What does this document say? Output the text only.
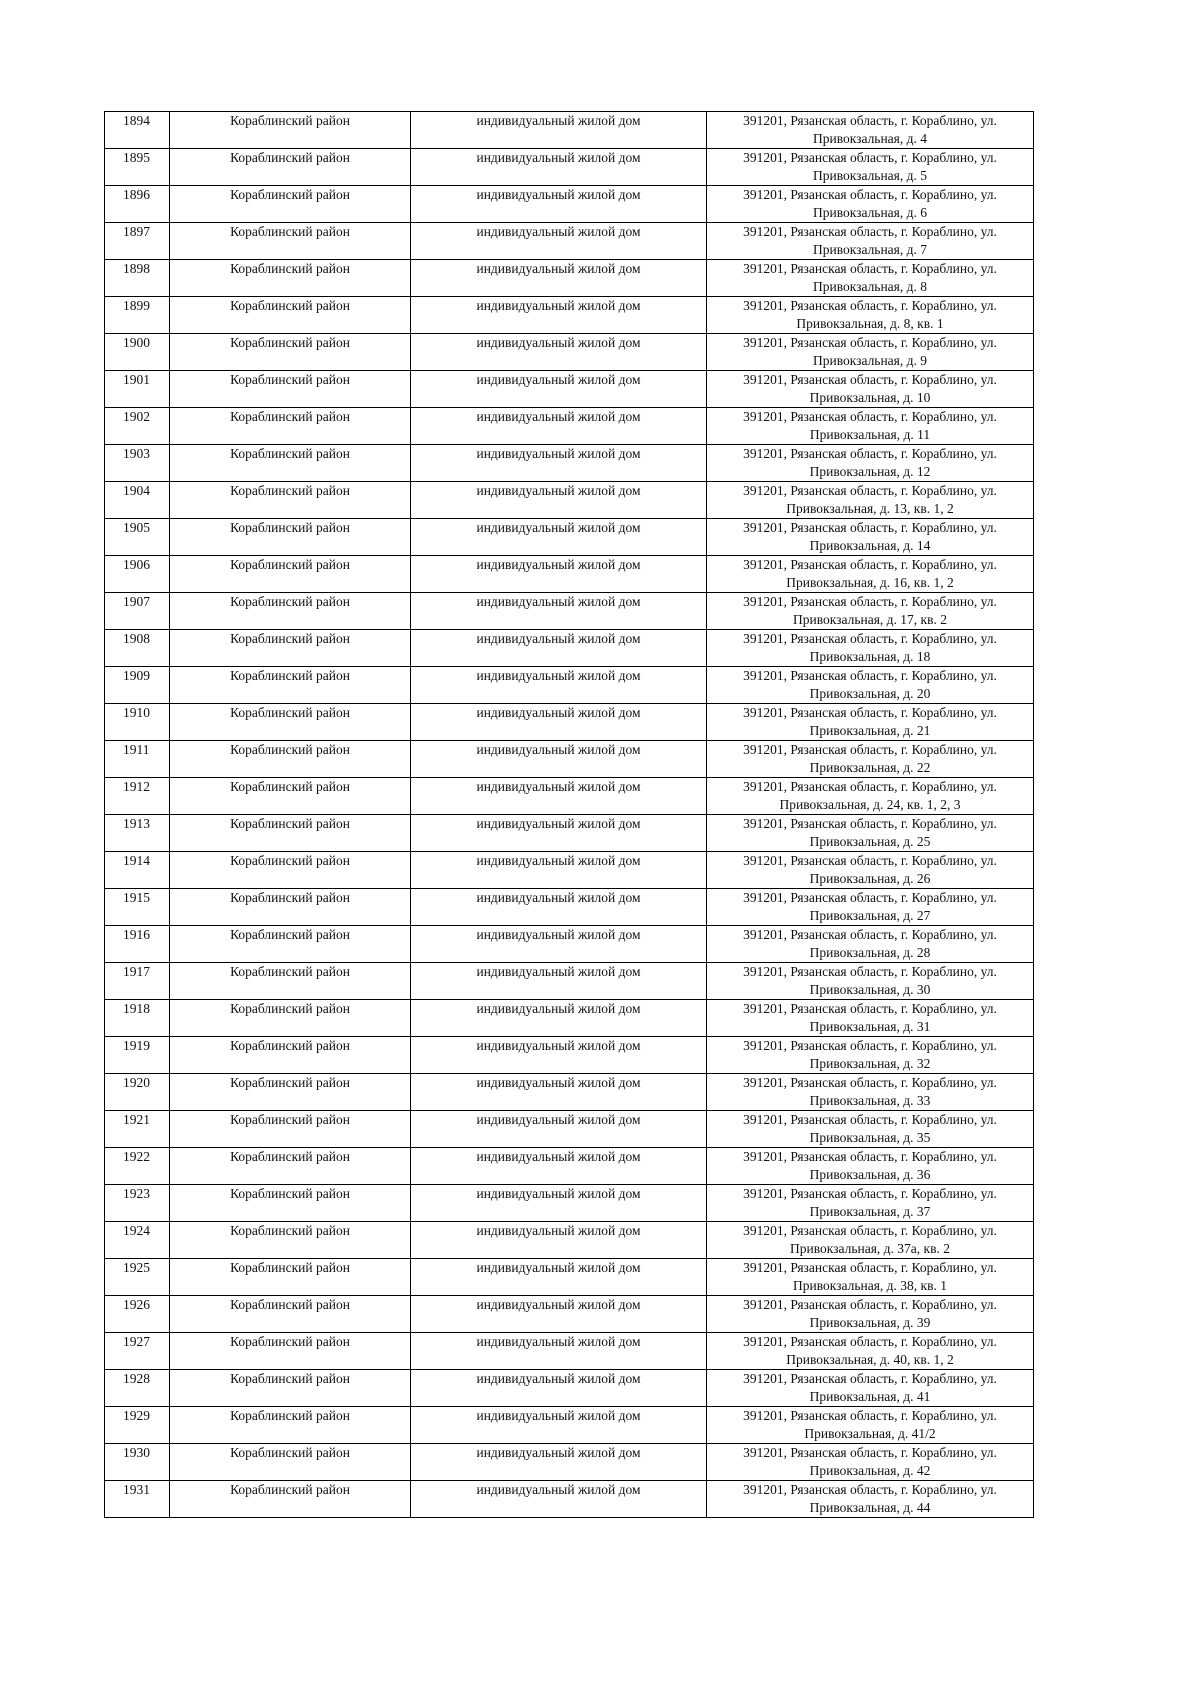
1894	Кораблинский район	индивидуальный жилой дом	391201, Рязанская область, г. Кораблино, ул.
Привокзальная, д. 4

1895	Кораблинский район	индивидуальный жилой дом	391201, Рязанская область, г. Кораблино, ул.
Привокзальная, д. 5

1896	Кораблинский район	индивидуальный жилой дом	391201, Рязанская область, г. Кораблино, ул.
Привокзальная, д. 6

1897	Кораблинский район	индивидуальный жилой дом	391201, Рязанская область, г. Кораблино, ул.
Привокзальная, д. 7

1898	Кораблинский район	индивидуальный жилой дом	391201, Рязанская область, г. Кораблино, ул.
Привокзальная, д. 8

1899	Кораблинский район	индивидуальный жилой дом	391201, Рязанская область, г. Кораблино, ул.
Привокзальная, д. 8, кв. 1

1900	Кораблинский район	индивидуальный жилой дом	391201, Рязанская область, г. Кораблино, ул.
Привокзальная, д. 9

1901	Кораблинский район	индивидуальный жилой дом	391201, Рязанская область, г. Кораблино, ул.
Привокзальная, д. 10

1902	Кораблинский район	индивидуальный жилой дом	391201, Рязанская область, г. Кораблино, ул.
Привокзальная, д. 11

1903	Кораблинский район	индивидуальный жилой дом	391201, Рязанская область, г. Кораблино, ул.
Привокзальная, д. 12

1904	Кораблинский район	индивидуальный жилой дом	391201, Рязанская область, г. Кораблино, ул.
Привокзальная, д. 13, кв. 1, 2

1905	Кораблинский район	индивидуальный жилой дом	391201, Рязанская область, г. Кораблино, ул.
Привокзальная, д. 14

1906	Кораблинский район	индивидуальный жилой дом	391201, Рязанская область, г. Кораблино, ул.
Привокзальная, д. 16, кв. 1, 2

1907	Кораблинский район	индивидуальный жилой дом	391201, Рязанская область, г. Кораблино, ул.
Привокзальная, д. 17, кв. 2

1908	Кораблинский район	индивидуальный жилой дом	391201, Рязанская область, г. Кораблино, ул.
Привокзальная, д. 18

1909	Кораблинский район	индивидуальный жилой дом	391201, Рязанская область, г. Кораблино, ул.
Привокзальная, д. 20

1910	Кораблинский район	индивидуальный жилой дом	391201, Рязанская область, г. Кораблино, ул.
Привокзальная, д. 21

1911	Кораблинский район	индивидуальный жилой дом	391201, Рязанская область, г. Кораблино, ул.
Привокзальная, д. 22

1912	Кораблинский район	индивидуальный жилой дом	391201, Рязанская область, г. Кораблино, ул.
Привокзальная, д. 24, кв. 1, 2, 3

1913	Кораблинский район	индивидуальный жилой дом	391201, Рязанская область, г. Кораблино, ул.
Привокзальная, д. 25

1914	Кораблинский район	индивидуальный жилой дом	391201, Рязанская область, г. Кораблино, ул.
Привокзальная, д. 26

1915	Кораблинский район	индивидуальный жилой дом	391201, Рязанская область, г. Кораблино, ул.
Привокзальная, д. 27

1916	Кораблинский район	индивидуальный жилой дом	391201, Рязанская область, г. Кораблино, ул.
Привокзальная, д. 28

1917	Кораблинский район	индивидуальный жилой дом	391201, Рязанская область, г. Кораблино, ул.
Привокзальная, д. 30

1918	Кораблинский район	индивидуальный жилой дом	391201, Рязанская область, г. Кораблино, ул.
Привокзальная, д. 31

1919	Кораблинский район	индивидуальный жилой дом	391201, Рязанская область, г. Кораблино, ул.
Привокзальная, д. 32

1920	Кораблинский район	индивидуальный жилой дом	391201, Рязанская область, г. Кораблино, ул.
Привокзальная, д. 33

1921	Кораблинский район	индивидуальный жилой дом	391201, Рязанская область, г. Кораблино, ул.
Привокзальная, д. 35

1922	Кораблинский район	индивидуальный жилой дом	391201, Рязанская область, г. Кораблино, ул.
Привокзальная, д. 36

1923	Кораблинский район	индивидуальный жилой дом	391201, Рязанская область, г. Кораблино, ул.
Привокзальная, д. 37

1924	Кораблинский район	индивидуальный жилой дом	391201, Рязанская область, г. Кораблино, ул.
Привокзальная, д. 37а, кв. 2

1925	Кораблинский район	индивидуальный жилой дом	391201, Рязанская область, г. Кораблино, ул.
Привокзальная, д. 38, кв. 1

1926	Кораблинский район	индивидуальный жилой дом	391201, Рязанская область, г. Кораблино, ул.
Привокзальная, д. 39

1927	Кораблинский район	индивидуальный жилой дом	391201, Рязанская область, г. Кораблино, ул.
Привокзальная, д. 40, кв. 1, 2

1928	Кораблинский район	индивидуальный жилой дом	391201, Рязанская область, г. Кораблино, ул.
Привокзальная, д. 41

1929	Кораблинский район	индивидуальный жилой дом	391201, Рязанская область, г. Кораблино, ул.
Привокзальная, д. 41/2

1930	Кораблинский район	индивидуальный жилой дом	391201, Рязанская область, г. Кораблино, ул.
Привокзальная, д. 42

1931	Кораблинский район	индивидуальный жилой дом	391201, Рязанская область, г. Кораблино, ул.
Привокзальная, д. 44
